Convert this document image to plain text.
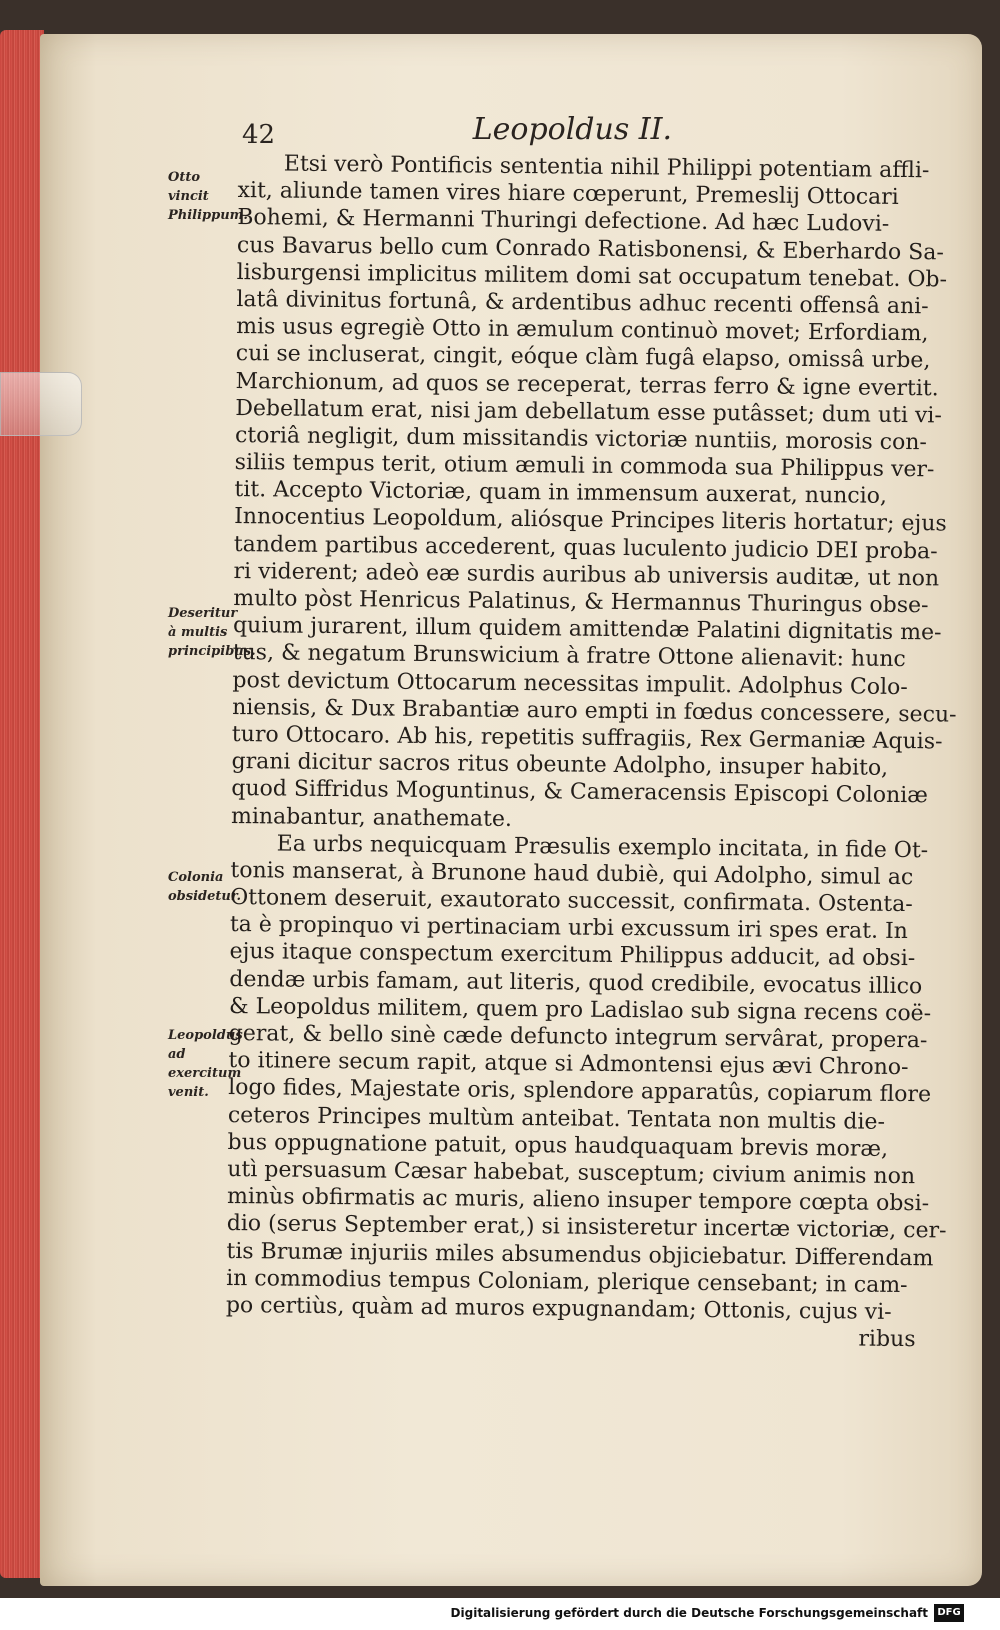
42	Leopoldus II.
Otto vincit Philippum.
Deseritur à multis principibus.
Colonia obsidetur.
Leopoldus ad exercitum venit.
Etsi verò Pontificis sententia nihil Philippi potentiam affli-
xit, aliunde tamen vires hiare cœperunt, Premeslij Ottocari
Bohemi, & Hermanni Thuringi defectione. Ad hæc Ludovi-
cus Bavarus bello cum Conrado Ratisbonensi, & Eberhardo Sa-
lisburgensi implicitus militem domi sat occupatum tenebat. Ob-
latâ divinitus fortunâ, & ardentibus adhuc recenti offensâ ani-
mis usus egregiè Otto in æmulum continuò movet; Erfordiam,
cui se incluserat, cingit, eóque clàm fugâ elapso, omissâ urbe,
Marchionum, ad quos se receperat, terras ferro & igne evertit.
Debellatum erat, nisi jam debellatum esse putâsset; dum uti vi-
ctoriâ negligit, dum missitandis victoriæ nuntiis, morosis con-
siliis tempus terit, otium æmuli in commoda sua Philippus ver-
tit. Accepto Victoriæ, quam in immensum auxerat, nuncio,
Innocentius Leopoldum, aliósque Principes literis hortatur; ejus
tandem partibus accederent, quas luculento judicio DEI proba-
ri viderent; adeò eæ surdis auribus ab universis auditæ, ut non
multo pòst Henricus Palatinus, & Hermannus Thuringus obse-
quium jurarent, illum quidem amittendæ Palatini dignitatis me-
tus, & negatum Brunswicium à fratre Ottone alienavit: hunc
post devictum Ottocarum necessitas impulit. Adolphus Colo-
niensis, & Dux Brabantiæ auro empti in fœdus concessere, secu-
turo Ottocaro. Ab his, repetitis suffragiis, Rex Germaniæ Aquis-
grani dicitur sacros ritus obeunte Adolpho, insuper habito,
quod Siffridus Moguntinus, & Cameracensis Episcopi Coloniæ
minabantur, anathemate.
Ea urbs nequicquam Præsulis exemplo incitata, in fide Ot-
tonis manserat, à Brunone haud dubiè, qui Adolpho, simul ac
Ottonem deseruit, exautorato successit, confirmata. Ostenta-
ta è propinquo vi pertinaciam urbi excussum iri spes erat. In
ejus itaque conspectum exercitum Philippus adducit, ad obsi-
dendæ urbis famam, aut literis, quod credibile, evocatus illico
& Leopoldus militem, quem pro Ladislao sub signa recens coë-
gerat, & bello sinè cæde defuncto integrum servârat, propera-
to itinere secum rapit, atque si Admontensi ejus ævi Chrono-
logo fides, Majestate oris, splendore apparatûs, copiarum flore
ceteros Principes multùm anteibat. Tentata non multis die-
bus oppugnatione patuit, opus haudquaquam brevis moræ,
utì persuasum Cæsar habebat, susceptum; civium animis non
minùs obfirmatis ac muris, alieno insuper tempore cœpta obsi-
dio (serus September erat,) si insisteretur incertæ victoriæ, cer-
tis Brumæ injuriis miles absumendus objiciebatur. Differendam
in commodius tempus Coloniam, plerique censebant; in cam-
po certiùs, quàm ad muros expugnandam; Ottonis, cujus vi-
ribus
Digitalisierung gefördert durch die Deutsche Forschungsgemeinschaft DFG
